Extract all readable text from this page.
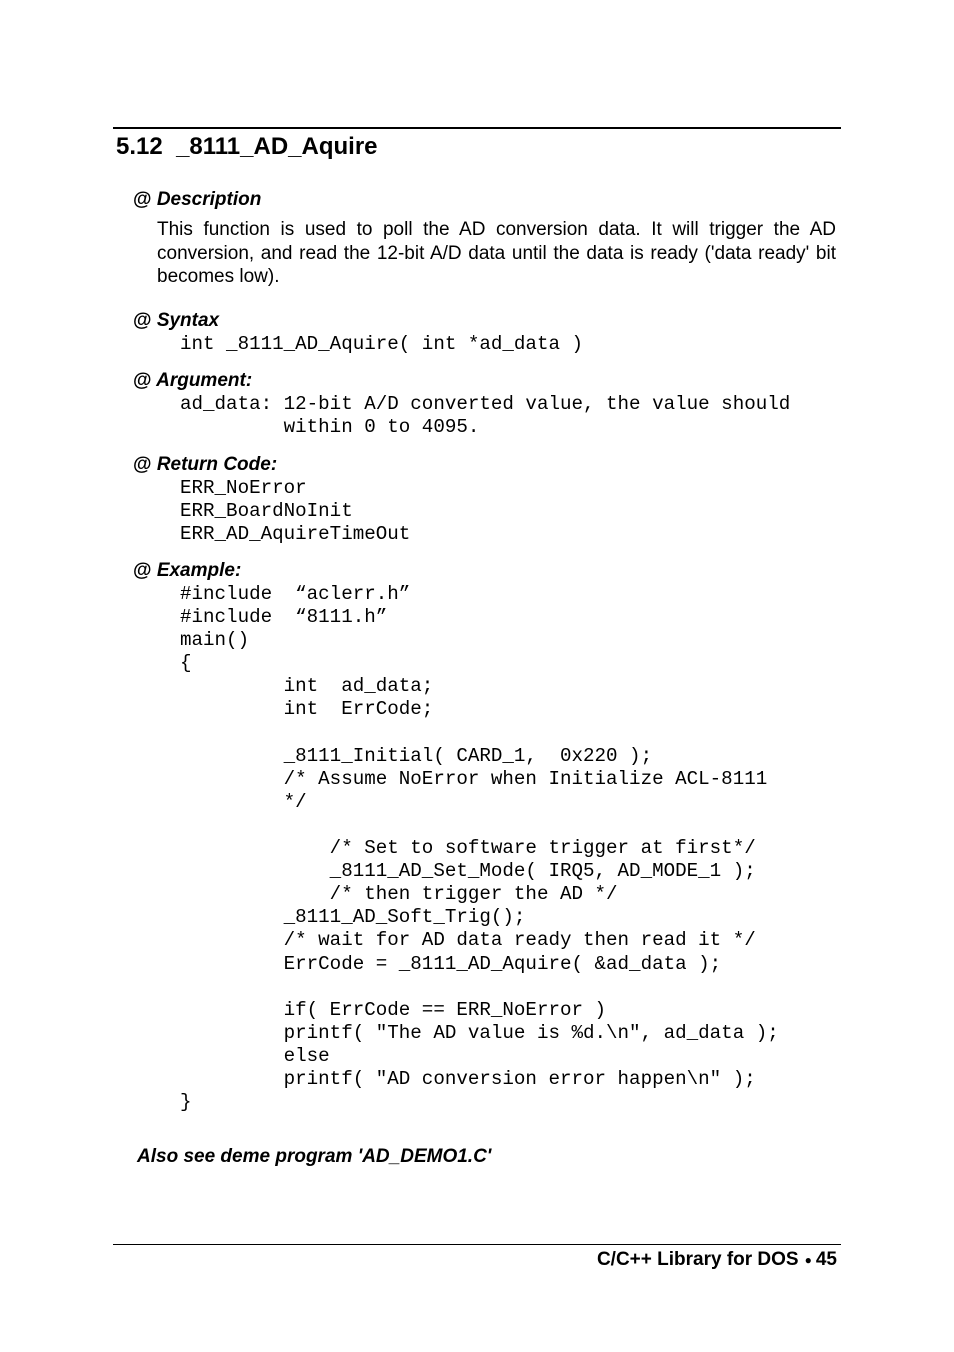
5.12 _8111_AD_Aquire
@ Description
This function is used to poll the AD conversion data. It will trigger the AD conversion, and read the 12-bit A/D data until the data is ready ('data ready' bit becomes low).
@ Syntax
int _8111_AD_Aquire( int *ad_data )
@ Argument:
ad_data: 12-bit A/D converted value, the value should
within 0 to 4095.
@ Return Code:
ERR_NoError
ERR_BoardNoInit
ERR_AD_AquireTimeOut
@ Example:
#include  “aclerr.h”
#include  “8111.h”
main()
{
int  ad_data;
int  ErrCode;
_8111_Initial( CARD_1,  0x220 );
/* Assume NoError when Initialize ACL-8111
*/
/* Set to software trigger at first*/
_8111_AD_Set_Mode( IRQ5, AD_MODE_1 );
/* then trigger the AD */
_8111_AD_Soft_Trig();
/* wait for AD data ready then read it */
ErrCode = _8111_AD_Aquire( &ad_data );
if( ErrCode == ERR_NoError )
printf( "The AD value is %d.\n", ad_data );
else
printf( "AD conversion error happen\n" );
}
Also see deme program 'AD_DEMO1.C'
C/C++ Library for DOS ● 45
